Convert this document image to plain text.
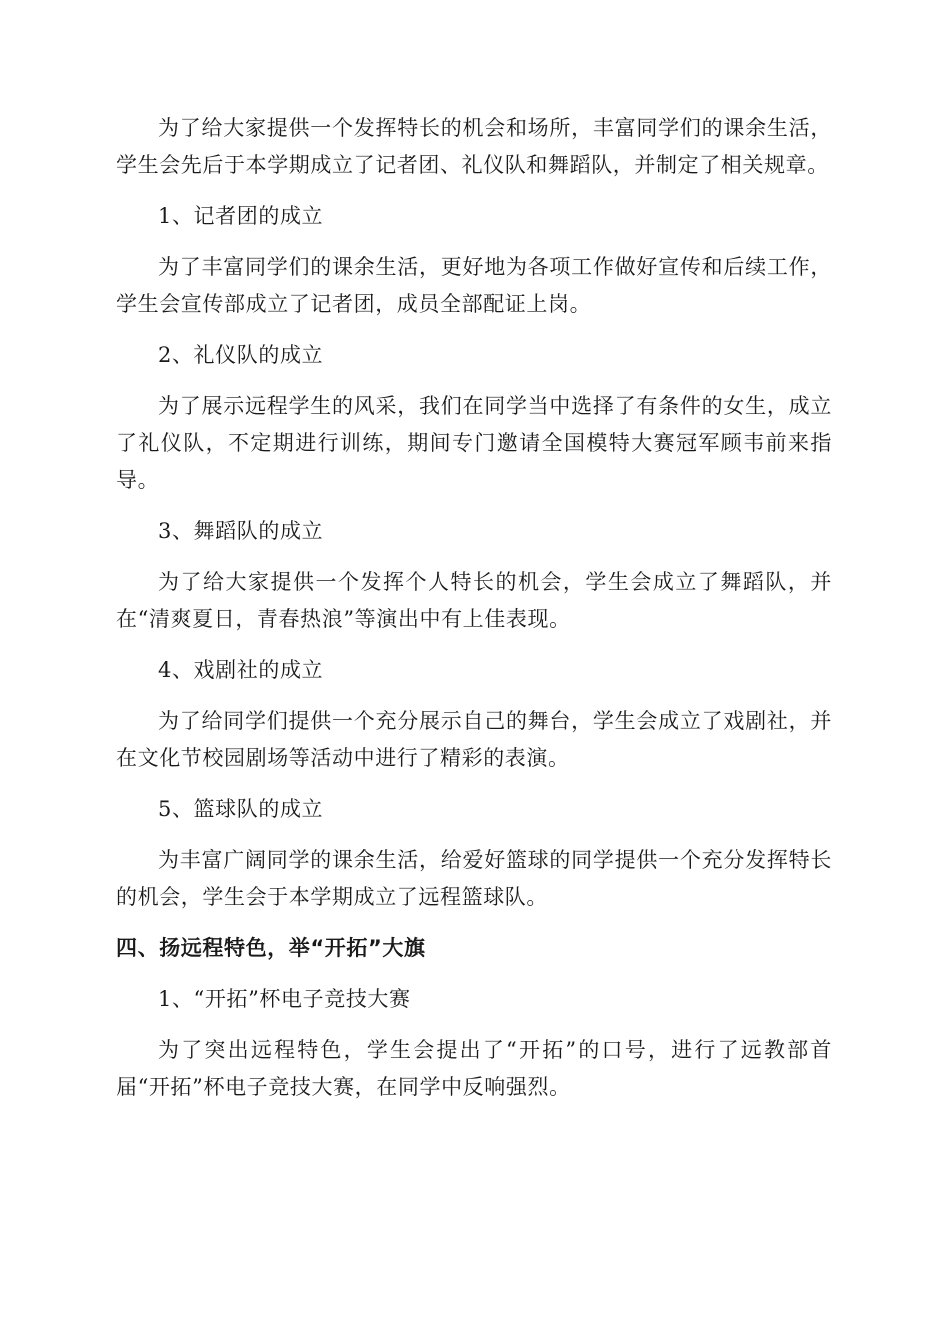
为了给大家提供一个发挥特长的机会和场所，丰富同学们的课余生活，学生会先后于本学期成立了记者团、礼仪队和舞蹈队，并制定了相关规章。

1、记者团的成立

为了丰富同学们的课余生活，更好地为各项工作做好宣传和后续工作，学生会宣传部成立了记者团，成员全部配证上岗。

2、礼仪队的成立

为了展示远程学生的风采，我们在同学当中选择了有条件的女生，成立了礼仪队，不定期进行训练，期间专门邀请全国模特大赛冠军顾韦前来指导。

3、舞蹈队的成立

为了给大家提供一个发挥个人特长的机会，学生会成立了舞蹈队，并在“清爽夏日，青春热浪”等演出中有上佳表现。

4、戏剧社的成立

为了给同学们提供一个充分展示自己的舞台，学生会成立了戏剧社，并在文化节校园剧场等活动中进行了精彩的表演。

5、篮球队的成立

为丰富广阔同学的课余生活，给爱好篮球的同学提供一个充分发挥特长的机会，学生会于本学期成立了远程篮球队。

四、扬远程特色，举“开拓”大旗

1、“开拓”杯电子竞技大赛

为了突出远程特色，学生会提出了“开拓”的口号，进行了远教部首届“开拓”杯电子竞技大赛，在同学中反响强烈。
